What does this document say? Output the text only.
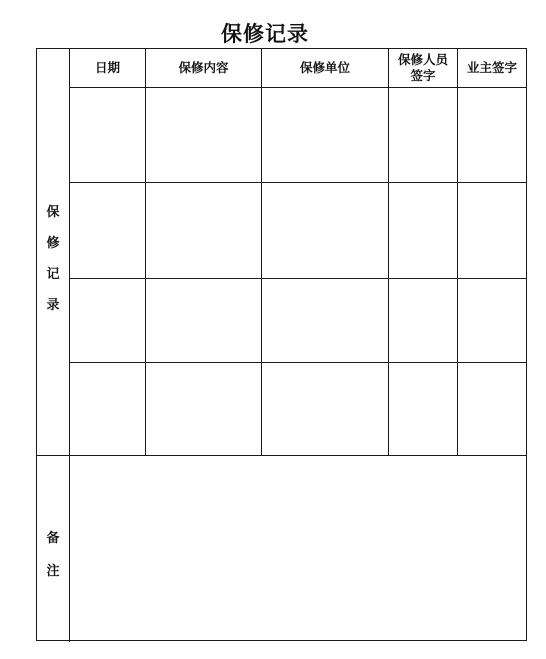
保修记录
日期	保修内容	保修单位
保修人员
签字
业主签字
保
修
记
录
备
注
